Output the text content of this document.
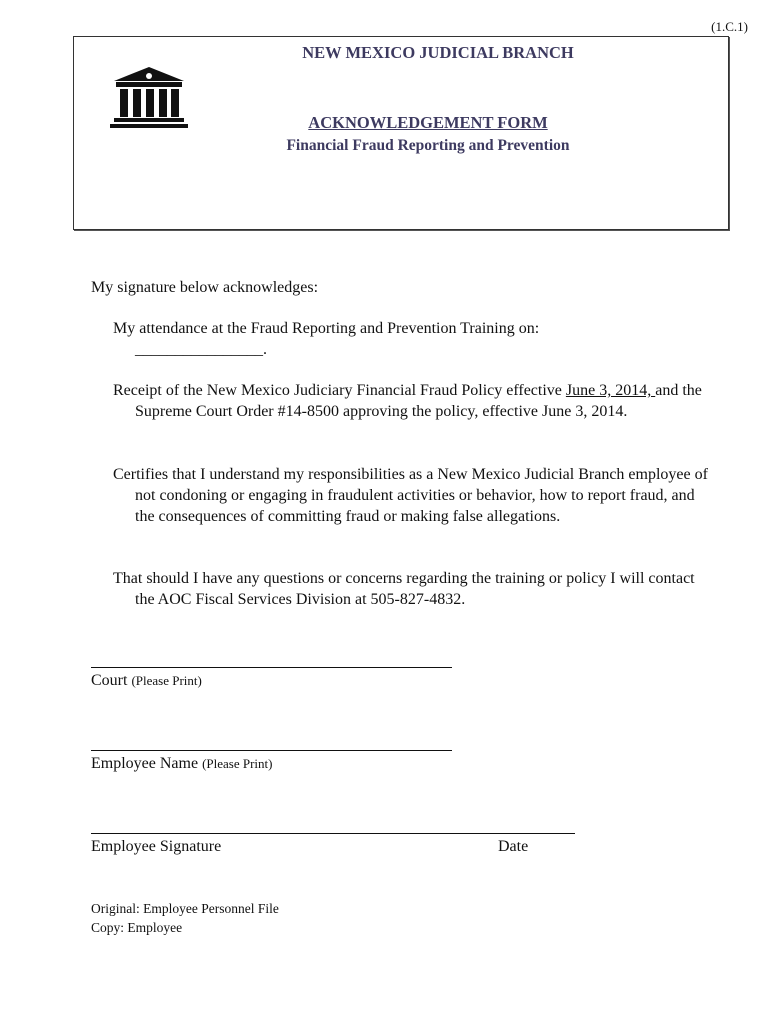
(1.C.1)
NEW MEXICO JUDICIAL BRANCH
ACKNOWLEDGEMENT FORM
Financial Fraud Reporting and Prevention
My signature below acknowledges:
My attendance at the Fraud Reporting and Prevention Training on:
________________.
Receipt of the New Mexico Judiciary Financial Fraud Policy effective June 3, 2014, and the Supreme Court Order #14-8500 approving the policy, effective June 3, 2014.
Certifies that I understand my responsibilities as a New Mexico Judicial Branch employee of not condoning or engaging in fraudulent activities or behavior, how to report fraud, and the consequences of committing fraud or making false allegations.
That should I have any questions or concerns regarding the training or policy I will contact the AOC Fiscal Services Division at 505-827-4832.
Court (Please Print)
Employee Name (Please Print)
Employee Signature	Date
Original: Employee Personnel File
Copy: Employee
